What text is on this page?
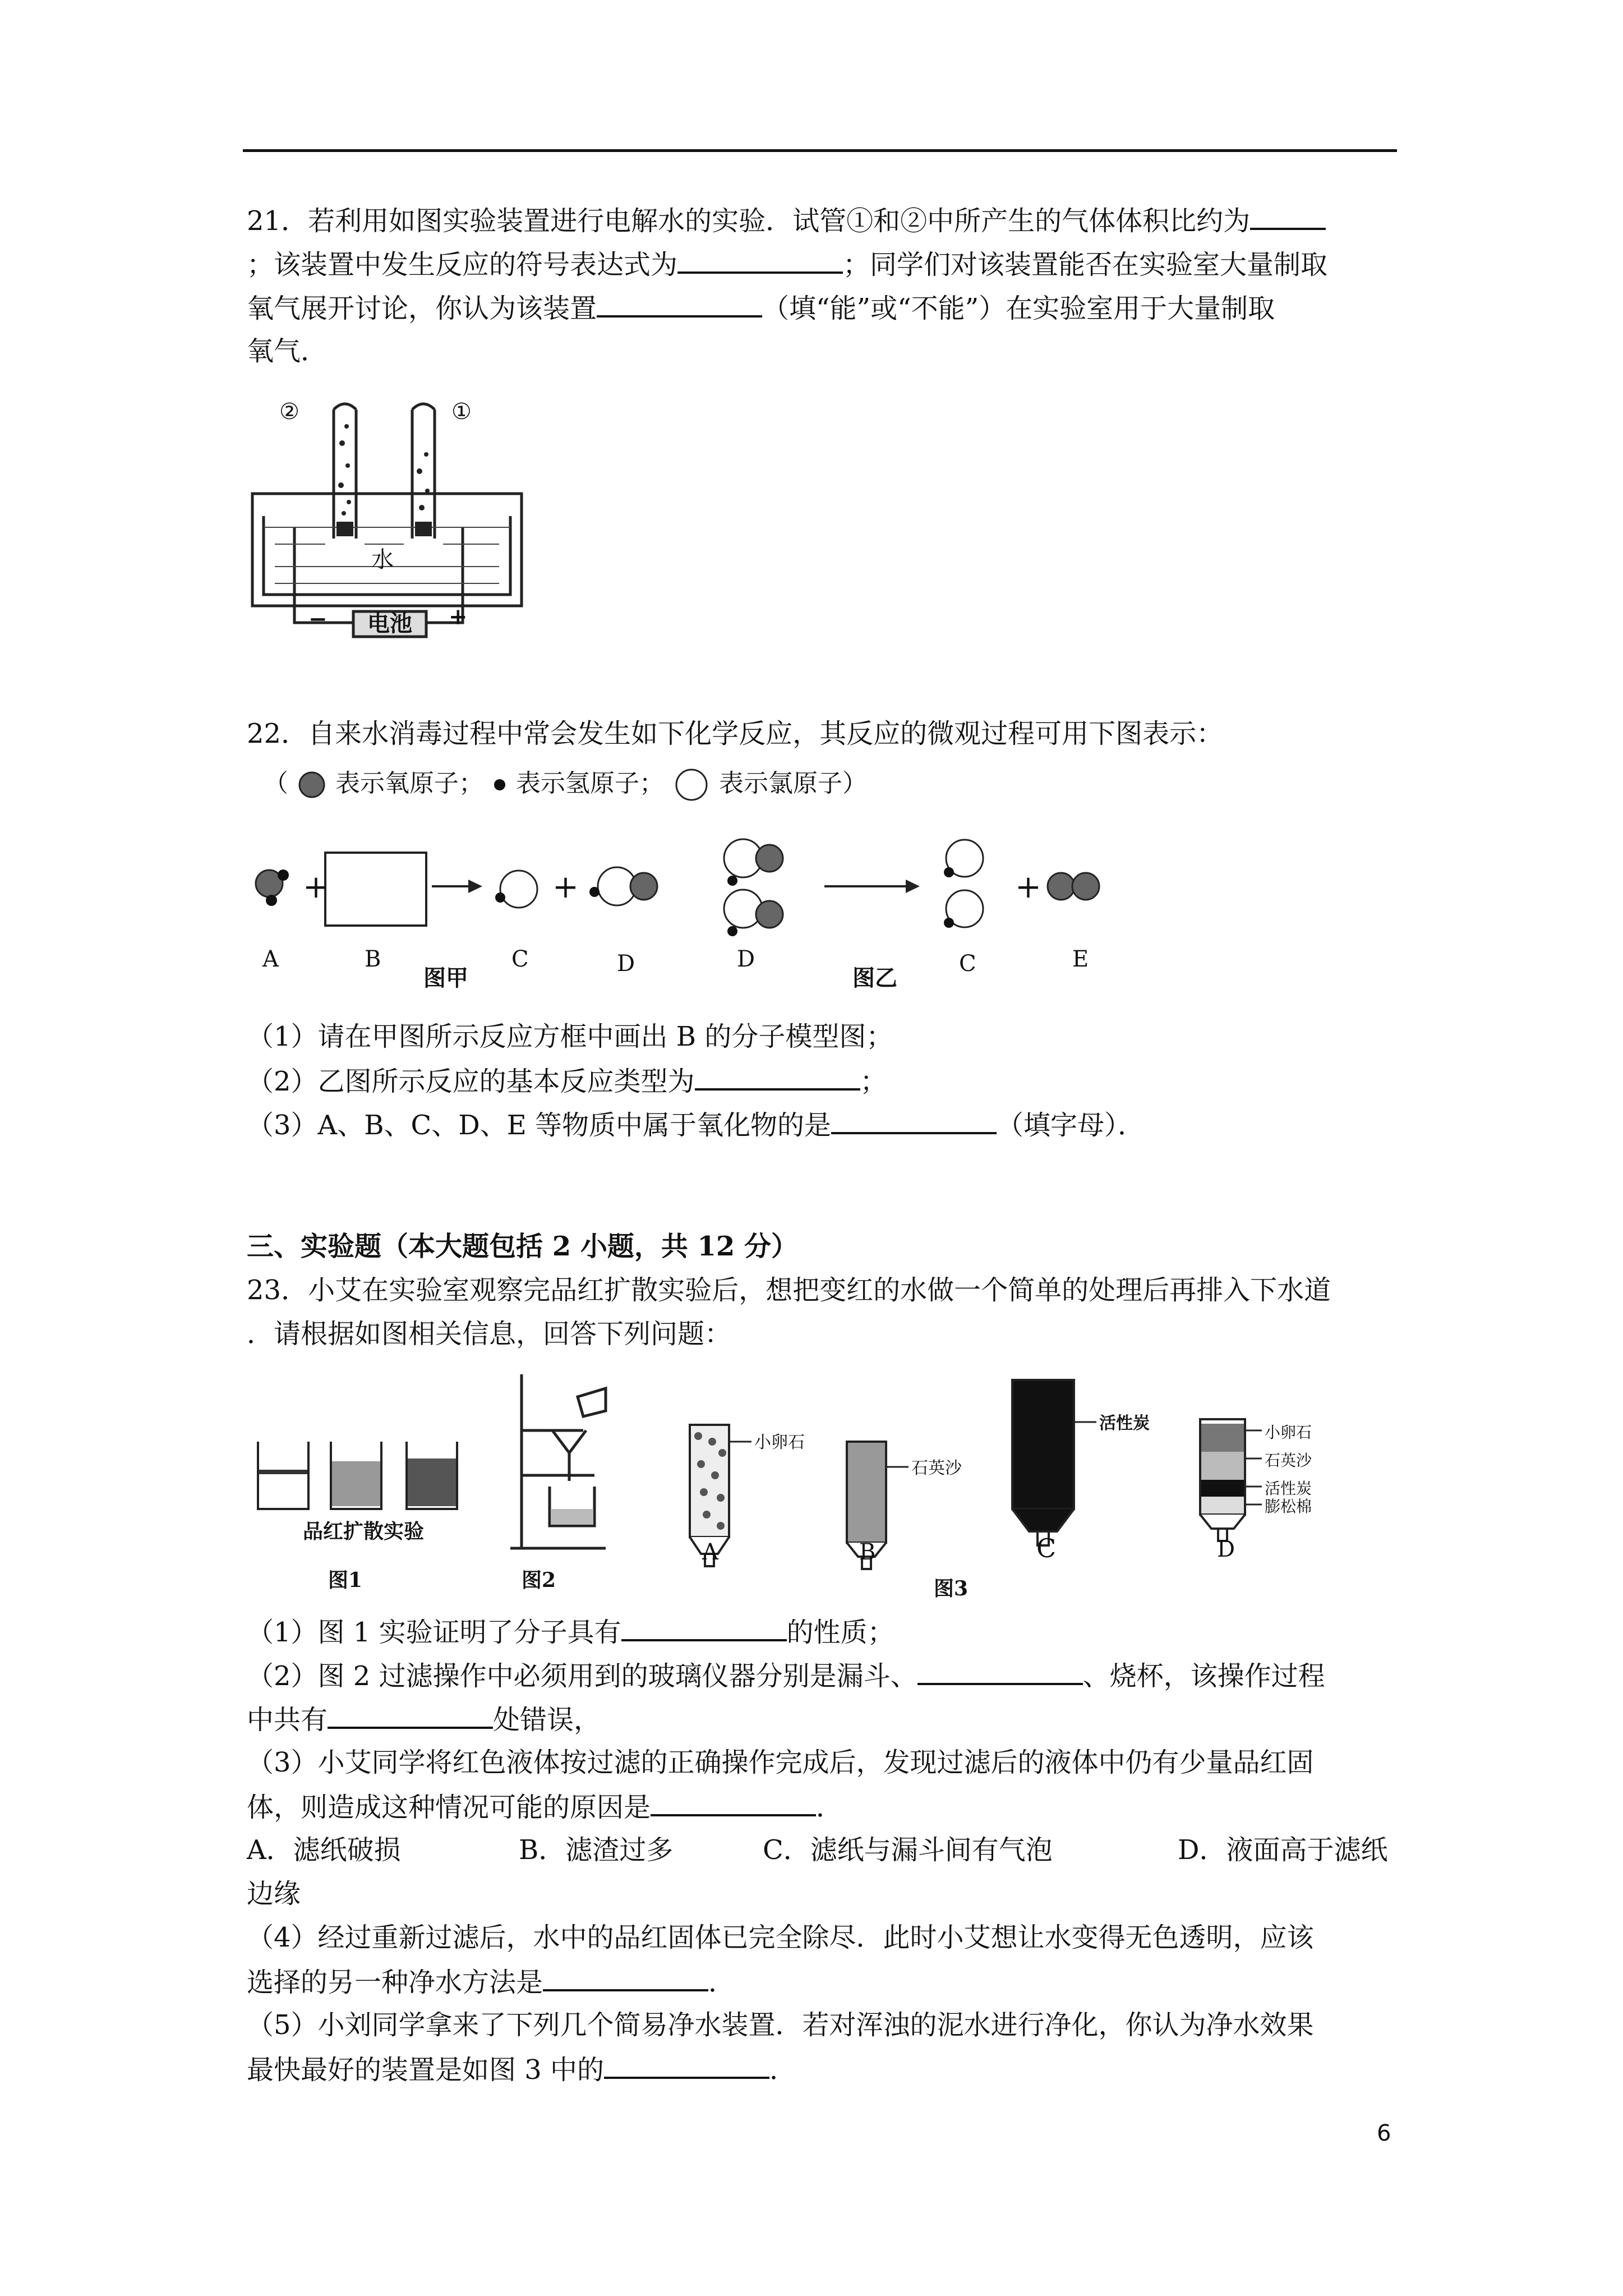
21．若利用如图实验装置进行电解水的实验．试管①和②中所产生的气体体积比约为
；该装置中发生反应的符号表达式为	；同学们对该装置能否在实验室大量制取
氧气展开讨论，你认为该装置	（填“能”或“不能”）在实验室用于大量制取
氧气．
②	①
水
电池
−	+
22．自来水消毒过程中常会发生如下化学反应，其反应的微观过程可用下图表示：
（ 表示氧原子； 表示氢原子； 表示氯原子）
+	+	+
A	B	C	D	D	C	E
图甲	图乙
（1）请在甲图所示反应方框中画出 B 的分子模型图；
（2）乙图所示反应的基本反应类型为	；
（3）A、B、C、D、E 等物质中属于氧化物的是	（填字母）．
三、实验题（本大题包括 2 小题，共 12 分）
23．小艾在实验室观察完品红扩散实验后，想把变红的水做一个简单的处理后再排入下水道
．请根据如图相关信息，回答下列问题：
品红扩散实验
图1	图2	图3
小卵石
石英沙
活性炭	小卵石
石英沙
活性炭
膨松棉
A	B	C	D
（1）图 1 实验证明了分子具有	的性质；
（2）图 2 过滤操作中必须用到的玻璃仪器分别是漏斗、	、烧杯，该操作过程
中共有	处错误，
（3）小艾同学将红色液体按过滤的正确操作完成后，发现过滤后的液体中仍有少量品红固
体，则造成这种情况可能的原因是	．
A．滤纸破损	B．滤渣过多	C．滤纸与漏斗间有气泡	D．液面高于滤纸
边缘
（4）经过重新过滤后，水中的品红固体已完全除尽．此时小艾想让水变得无色透明，应该
选择的另一种净水方法是	．
（5）小刘同学拿来了下列几个简易净水装置．若对浑浊的泥水进行净化，你认为净水效果
最快最好的装置是如图 3 中的	．
6
